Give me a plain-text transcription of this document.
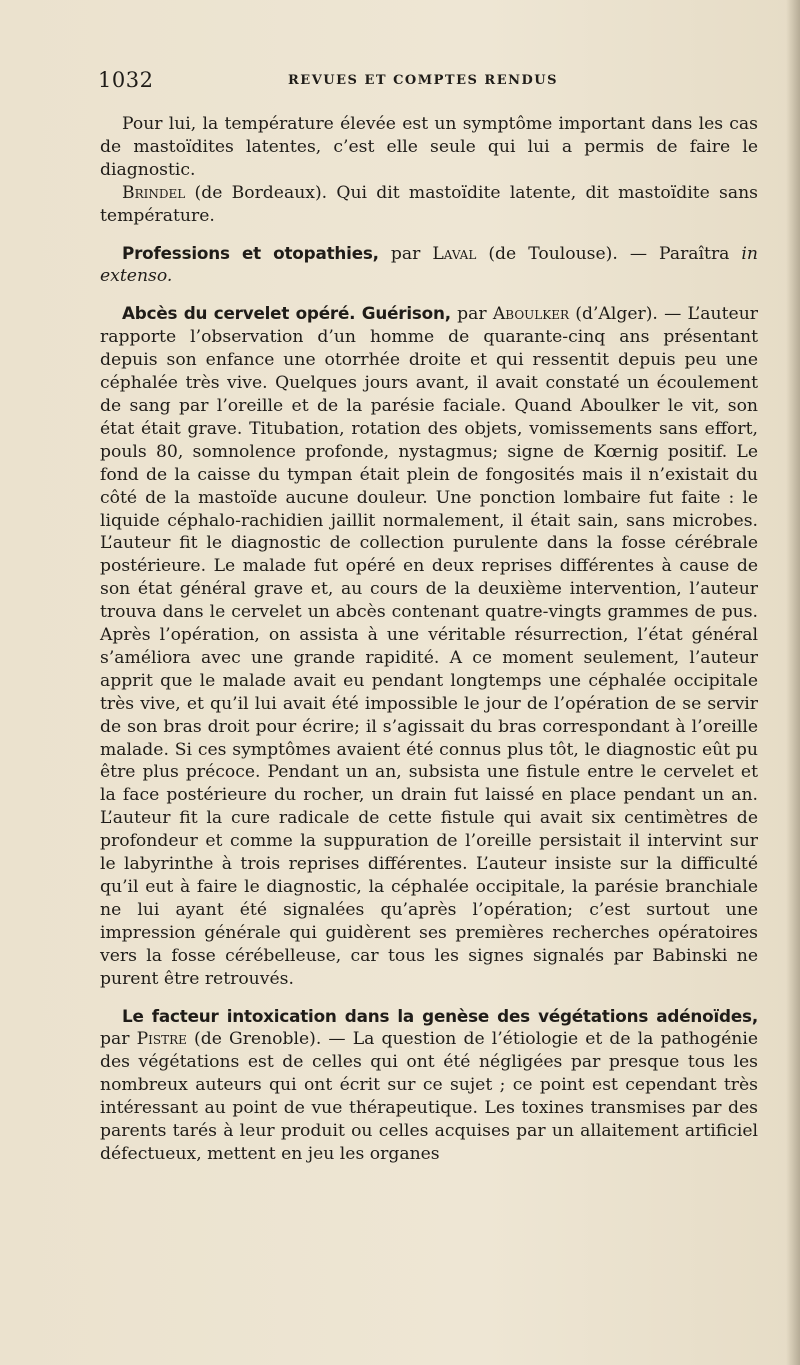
1032	REVUES ET COMPTES RENDUS

Pour lui, la température élevée est un symptôme important dans les cas de mastoïdites latentes, c’est elle seule qui lui a permis de faire le diagnostic.

Brindel (de Bordeaux). Qui dit mastoïdite latente, dit mastoïdite sans température.

Professions et otopathies, par Laval (de Toulouse). — Paraîtra in extenso.

Abcès du cervelet opéré. Guérison, par Aboulker (d’Alger). — L’auteur rapporte l’observation d’un homme de quarante-cinq ans présentant depuis son enfance une otorrhée droite et qui ressentit depuis peu une céphalée très vive. Quelques jours avant, il avait constaté un écoulement de sang par l’oreille et de la parésie faciale. Quand Aboulker le vit, son état était grave. Titubation, rotation des objets, vomissements sans effort, pouls 80, somnolence profonde, nystagmus; signe de Kœrnig positif. Le fond de la caisse du tympan était plein de fongosités mais il n’existait du côté de la mastoïde aucune douleur. Une ponction lombaire fut faite : le liquide céphalo-rachidien jaillit normalement, il était sain, sans microbes. L’auteur fit le diagnostic de collection purulente dans la fosse cérébrale postérieure. Le malade fut opéré en deux reprises différentes à cause de son état général grave et, au cours de la deuxième intervention, l’auteur trouva dans le cervelet un abcès contenant quatre-vingts grammes de pus. Après l’opération, on assista à une véritable résurrection, l’état général s’améliora avec une grande rapidité. A ce moment seulement, l’auteur apprit que le malade avait eu pendant longtemps une céphalée occipitale très vive, et qu’il lui avait été impossible le jour de l’opération de se servir de son bras droit pour écrire; il s’agissait du bras correspondant à l’oreille malade. Si ces symptômes avaient été connus plus tôt, le diagnostic eût pu être plus précoce. Pendant un an, subsista une fistule entre le cervelet et la face postérieure du rocher, un drain fut laissé en place pendant un an. L’auteur fit la cure radicale de cette fistule qui avait six centimètres de profondeur et comme la suppuration de l’oreille persistait il intervint sur le labyrinthe à trois reprises différentes. L’auteur insiste sur la difficulté qu’il eut à faire le diagnostic, la céphalée occipitale, la parésie branchiale ne lui ayant été signalées qu’après l’opération; c’est surtout une impression générale qui guidèrent ses premières recherches opératoires vers la fosse cérébelleuse, car tous les signes signalés par Babinski ne purent être retrouvés.

Le facteur intoxication dans la genèse des végétations adénoïdes, par Pistre (de Grenoble). — La question de l’étiologie et de la pathogénie des végétations est de celles qui ont été négligées par presque tous les nombreux auteurs qui ont écrit sur ce sujet ; ce point est cependant très intéressant au point de vue thérapeutique. Les toxines transmises par des parents tarés à leur produit ou celles acquises par un allaitement artificiel défectueux, mettent en jeu les organes
